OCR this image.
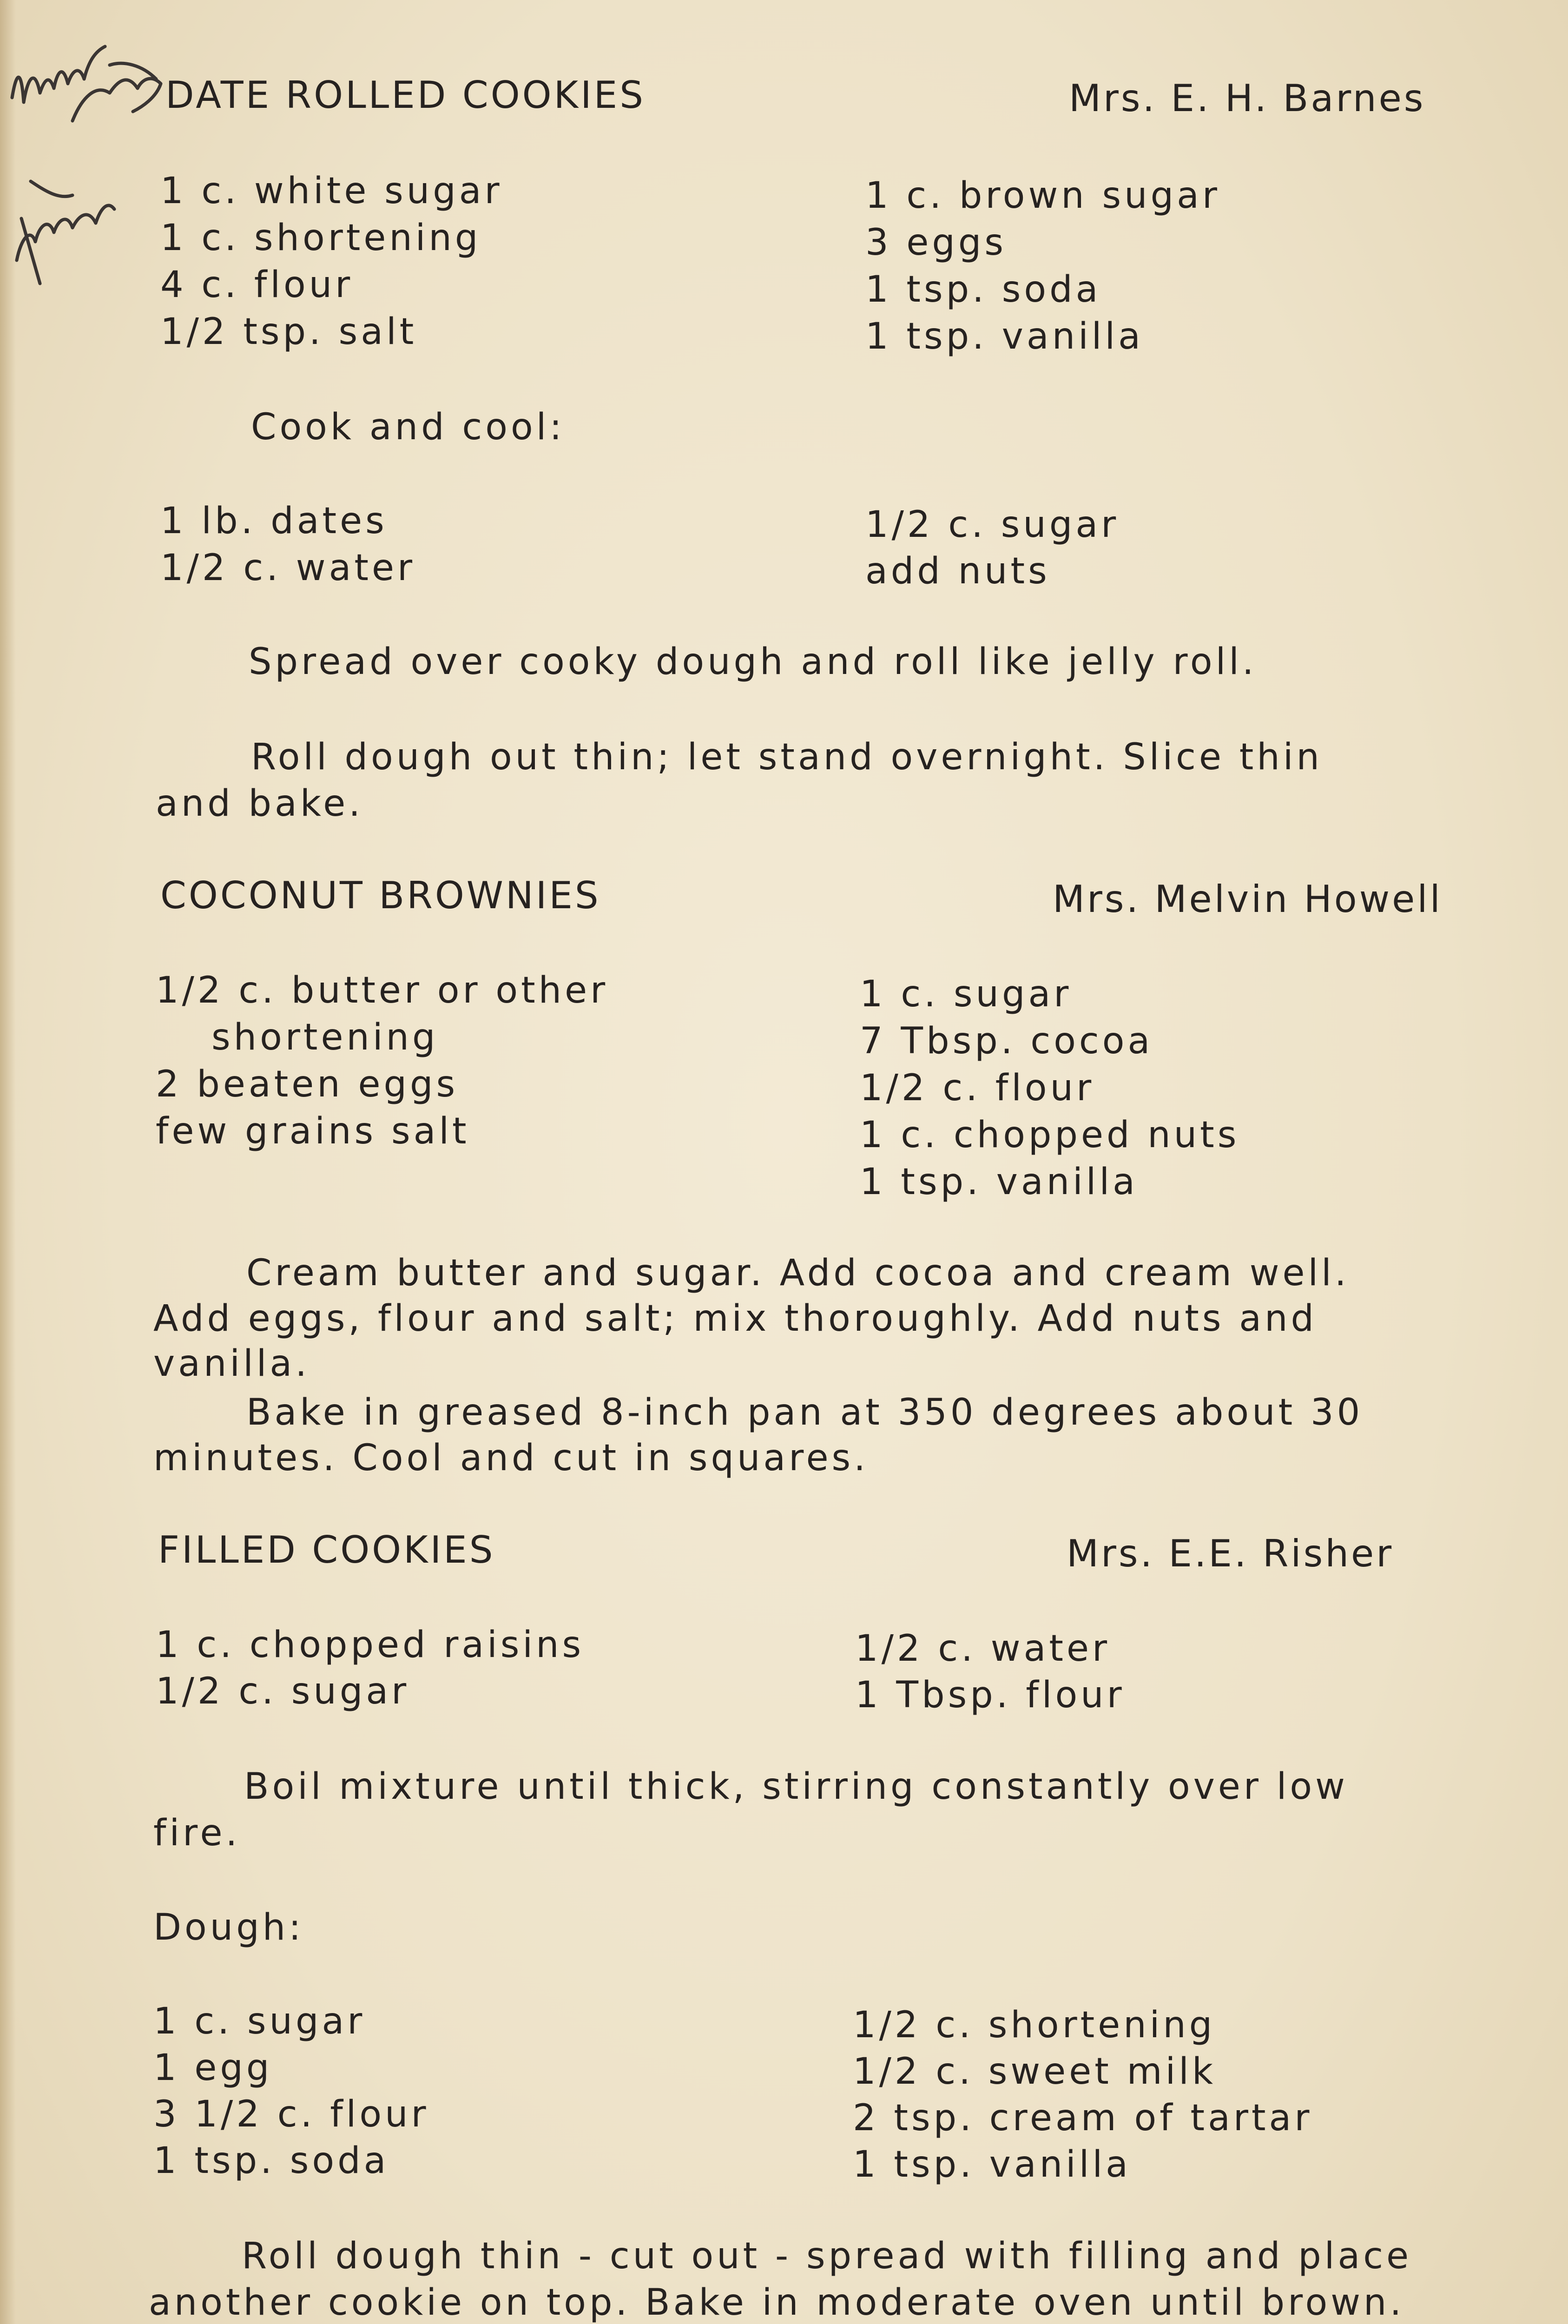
DATE ROLLED COOKIES	Mrs. E. H. Barnes
1 c. white sugar
1 c. shortening
4 c. flour
1/2 tsp. salt
1 c. brown sugar
3 eggs
1 tsp. soda
1 tsp. vanilla
Cook and cool:
1 lb. dates
1/2 c. water
1/2 c. sugar
add nuts
Spread over cooky dough and roll like jelly roll.
Roll dough out thin; let stand overnight. Slice thin
and bake.
COCONUT BROWNIES	Mrs. Melvin Howell
1/2 c. butter or other
shortening
2 beaten eggs
few grains salt
1 c. sugar
7 Tbsp. cocoa
1/2 c. flour
1 c. chopped nuts
1 tsp. vanilla
Cream butter and sugar. Add cocoa and cream well.
Add eggs, flour and salt; mix thoroughly. Add nuts and
vanilla.
Bake in greased 8-inch pan at 350 degrees about 30
minutes. Cool and cut in squares.
FILLED COOKIES	Mrs. E.E. Risher
1 c. chopped raisins
1/2 c. sugar
1/2 c. water
1 Tbsp. flour
Boil mixture until thick, stirring constantly over low
fire.
Dough:
1 c. sugar
1 egg
3 1/2 c. flour
1 tsp. soda
1/2 c. shortening
1/2 c. sweet milk
2 tsp. cream of tartar
1 tsp. vanilla
Roll dough thin - cut out - spread with filling and place
another cookie on top. Bake in moderate oven until brown.
